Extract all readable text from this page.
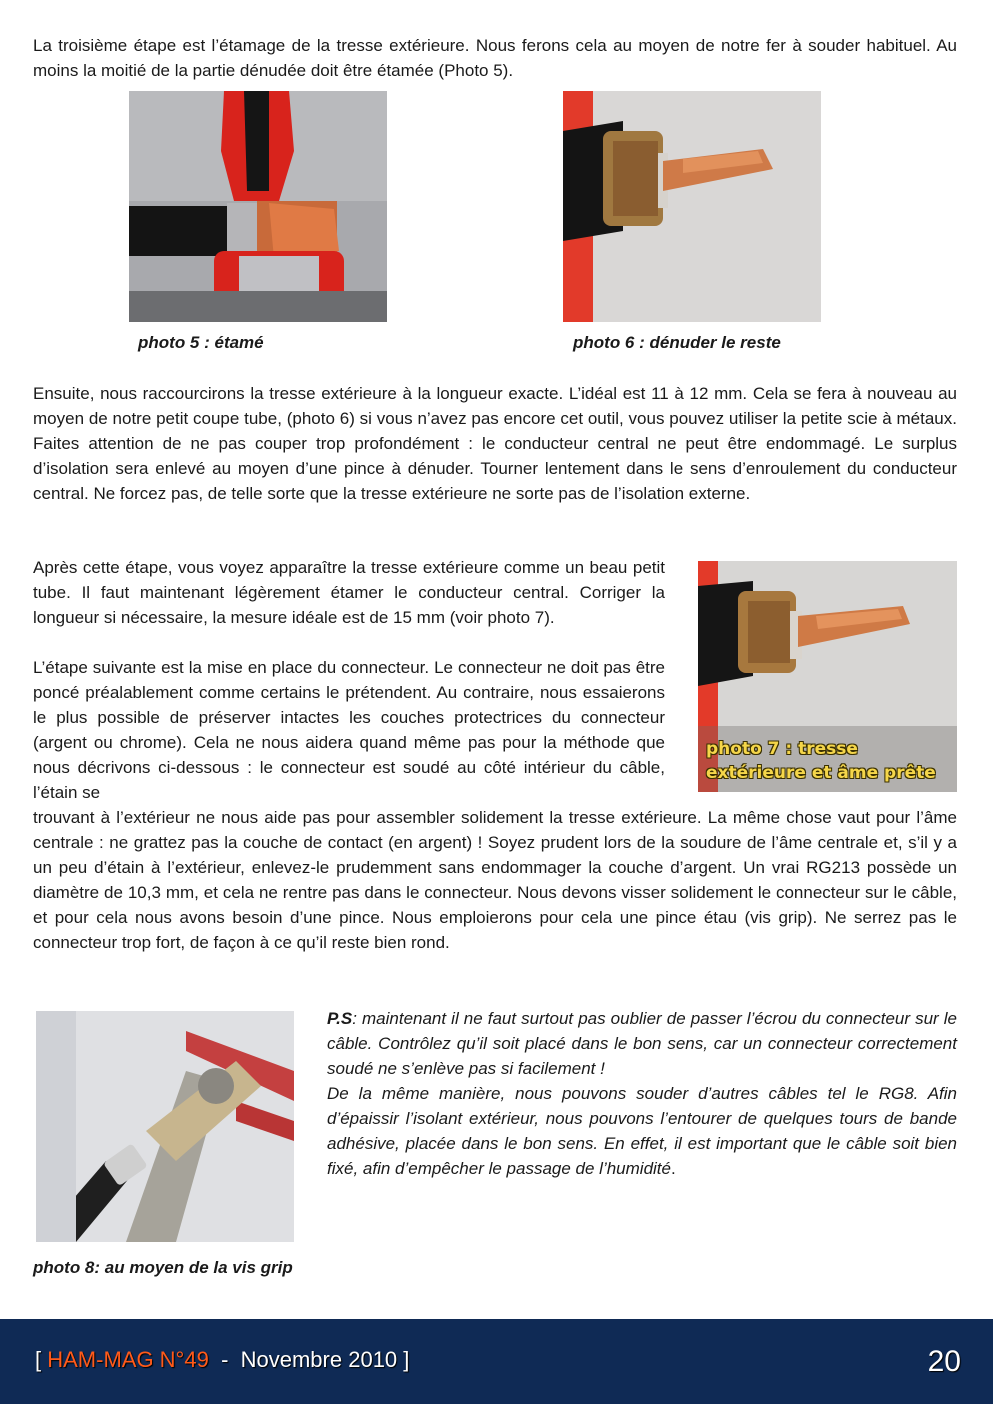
La troisième étape est l’étamage de la tresse extérieure. Nous ferons cela au moyen de notre fer à souder habituel. Au moins la moitié de la partie dénudée doit être étamée (Photo 5).

photo 5 : étamé	photo 6 : dénuder le reste

Ensuite, nous raccourcirons la tresse extérieure à la longueur exacte. L’idéal est 11 à 12 mm. Cela se fera à nouveau au moyen de notre petit coupe tube, (photo 6) si vous n’avez pas encore cet outil, vous pouvez utiliser la petite scie à métaux. Faites attention de ne pas couper trop profondément : le conducteur central ne peut être endommagé. Le surplus d’isolation sera enlevé au moyen d’une pince à dénuder. Tourner lentement dans le sens d’enroulement du conducteur central. Ne forcez pas, de telle sorte que la tresse extérieure ne sorte pas de l’isolation externe.

Après cette étape, vous voyez apparaître la tresse extérieure comme un beau petit tube. Il faut maintenant légèrement étamer le conducteur central. Corriger la longueur si nécessaire, la mesure idéale est de 15 mm (voir photo 7).

L’étape suivante est la mise en place du connecteur. Le connecteur ne doit pas être poncé préalablement comme certains le prétendent. Au contraire, nous essaierons le plus possible de préserver intactes les couches protectrices du connecteur (argent ou chrome). Cela ne nous aidera quand même pas pour la méthode que nous décrivons ci-dessous : le connecteur est soudé au côté intérieur du câble, l’étain se

photo 7 : tresse
extérieure et âme prête

trouvant à l’extérieur ne nous aide pas pour assembler solidement la tresse extérieure. La même chose vaut pour l’âme centrale : ne grattez pas la couche de contact (en argent) ! Soyez prudent lors de la soudure de l’âme centrale et, s’il y a un peu d’étain à l’extérieur, enlevez-le prudemment sans endommager la couche d’argent. Un vrai RG213 possède un diamètre de 10,3 mm, et cela ne rentre pas dans le connecteur. Nous devons visser solidement le connecteur sur le câble, et pour cela nous avons besoin d’une pince. Nous emploierons pour cela une pince étau (vis grip). Ne serrez pas le connecteur trop fort, de façon à ce qu’il reste bien rond.

P.S: maintenant il ne faut surtout pas oublier de passer l’écrou du connecteur sur le câble. Contrôlez qu’il soit placé dans le bon sens, car un connecteur correctement soudé ne s’enlève pas si facilement !

De la même manière, nous pouvons souder d’autres câbles tel le RG8. Afin d’épaissir l’isolant extérieur, nous pouvons l’entourer de quelques tours de bande adhésive, placée dans le bon sens. En effet, il est important que le câble soit bien fixé, afin d’empêcher le passage de l’humidité.

photo 8: au moyen de la vis grip
[ HAM-MAG N°49  -  Novembre 2010 ]	20
